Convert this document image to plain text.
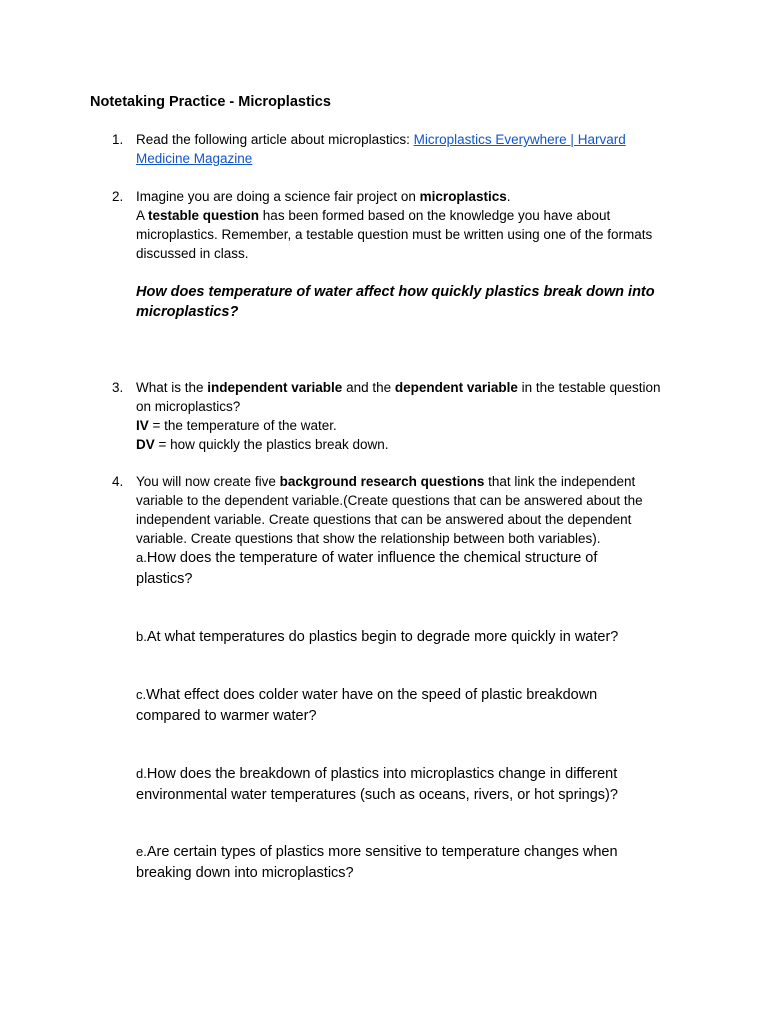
Notetaking Practice - Microplastics
1. Read the following article about microplastics: Microplastics Everywhere | Harvard
Medicine Magazine
2. Imagine you are doing a science fair project on microplastics.
A testable question has been formed based on the knowledge you have about
microplastics. Remember, a testable question must be written using one of the formats
discussed in class.
How does temperature of water affect how quickly plastics break down into
microplastics?
3. What is the independent variable and the dependent variable in the testable question
on microplastics?
IV = the temperature of the water.
DV = how quickly the plastics break down.
4. You will now create five background research questions that link the independent
variable to the dependent variable.(Create questions that can be answered about the
independent variable. Create questions that can be answered about the dependent
variable. Create questions that show the relationship between both variables).
a.How does the temperature of water influence the chemical structure of
plastics?
b.At what temperatures do plastics begin to degrade more quickly in water?
c.What effect does colder water have on the speed of plastic breakdown
compared to warmer water?
d.How does the breakdown of plastics into microplastics change in different
environmental water temperatures (such as oceans, rivers, or hot springs)?
e.Are certain types of plastics more sensitive to temperature changes when
breaking down into microplastics?
